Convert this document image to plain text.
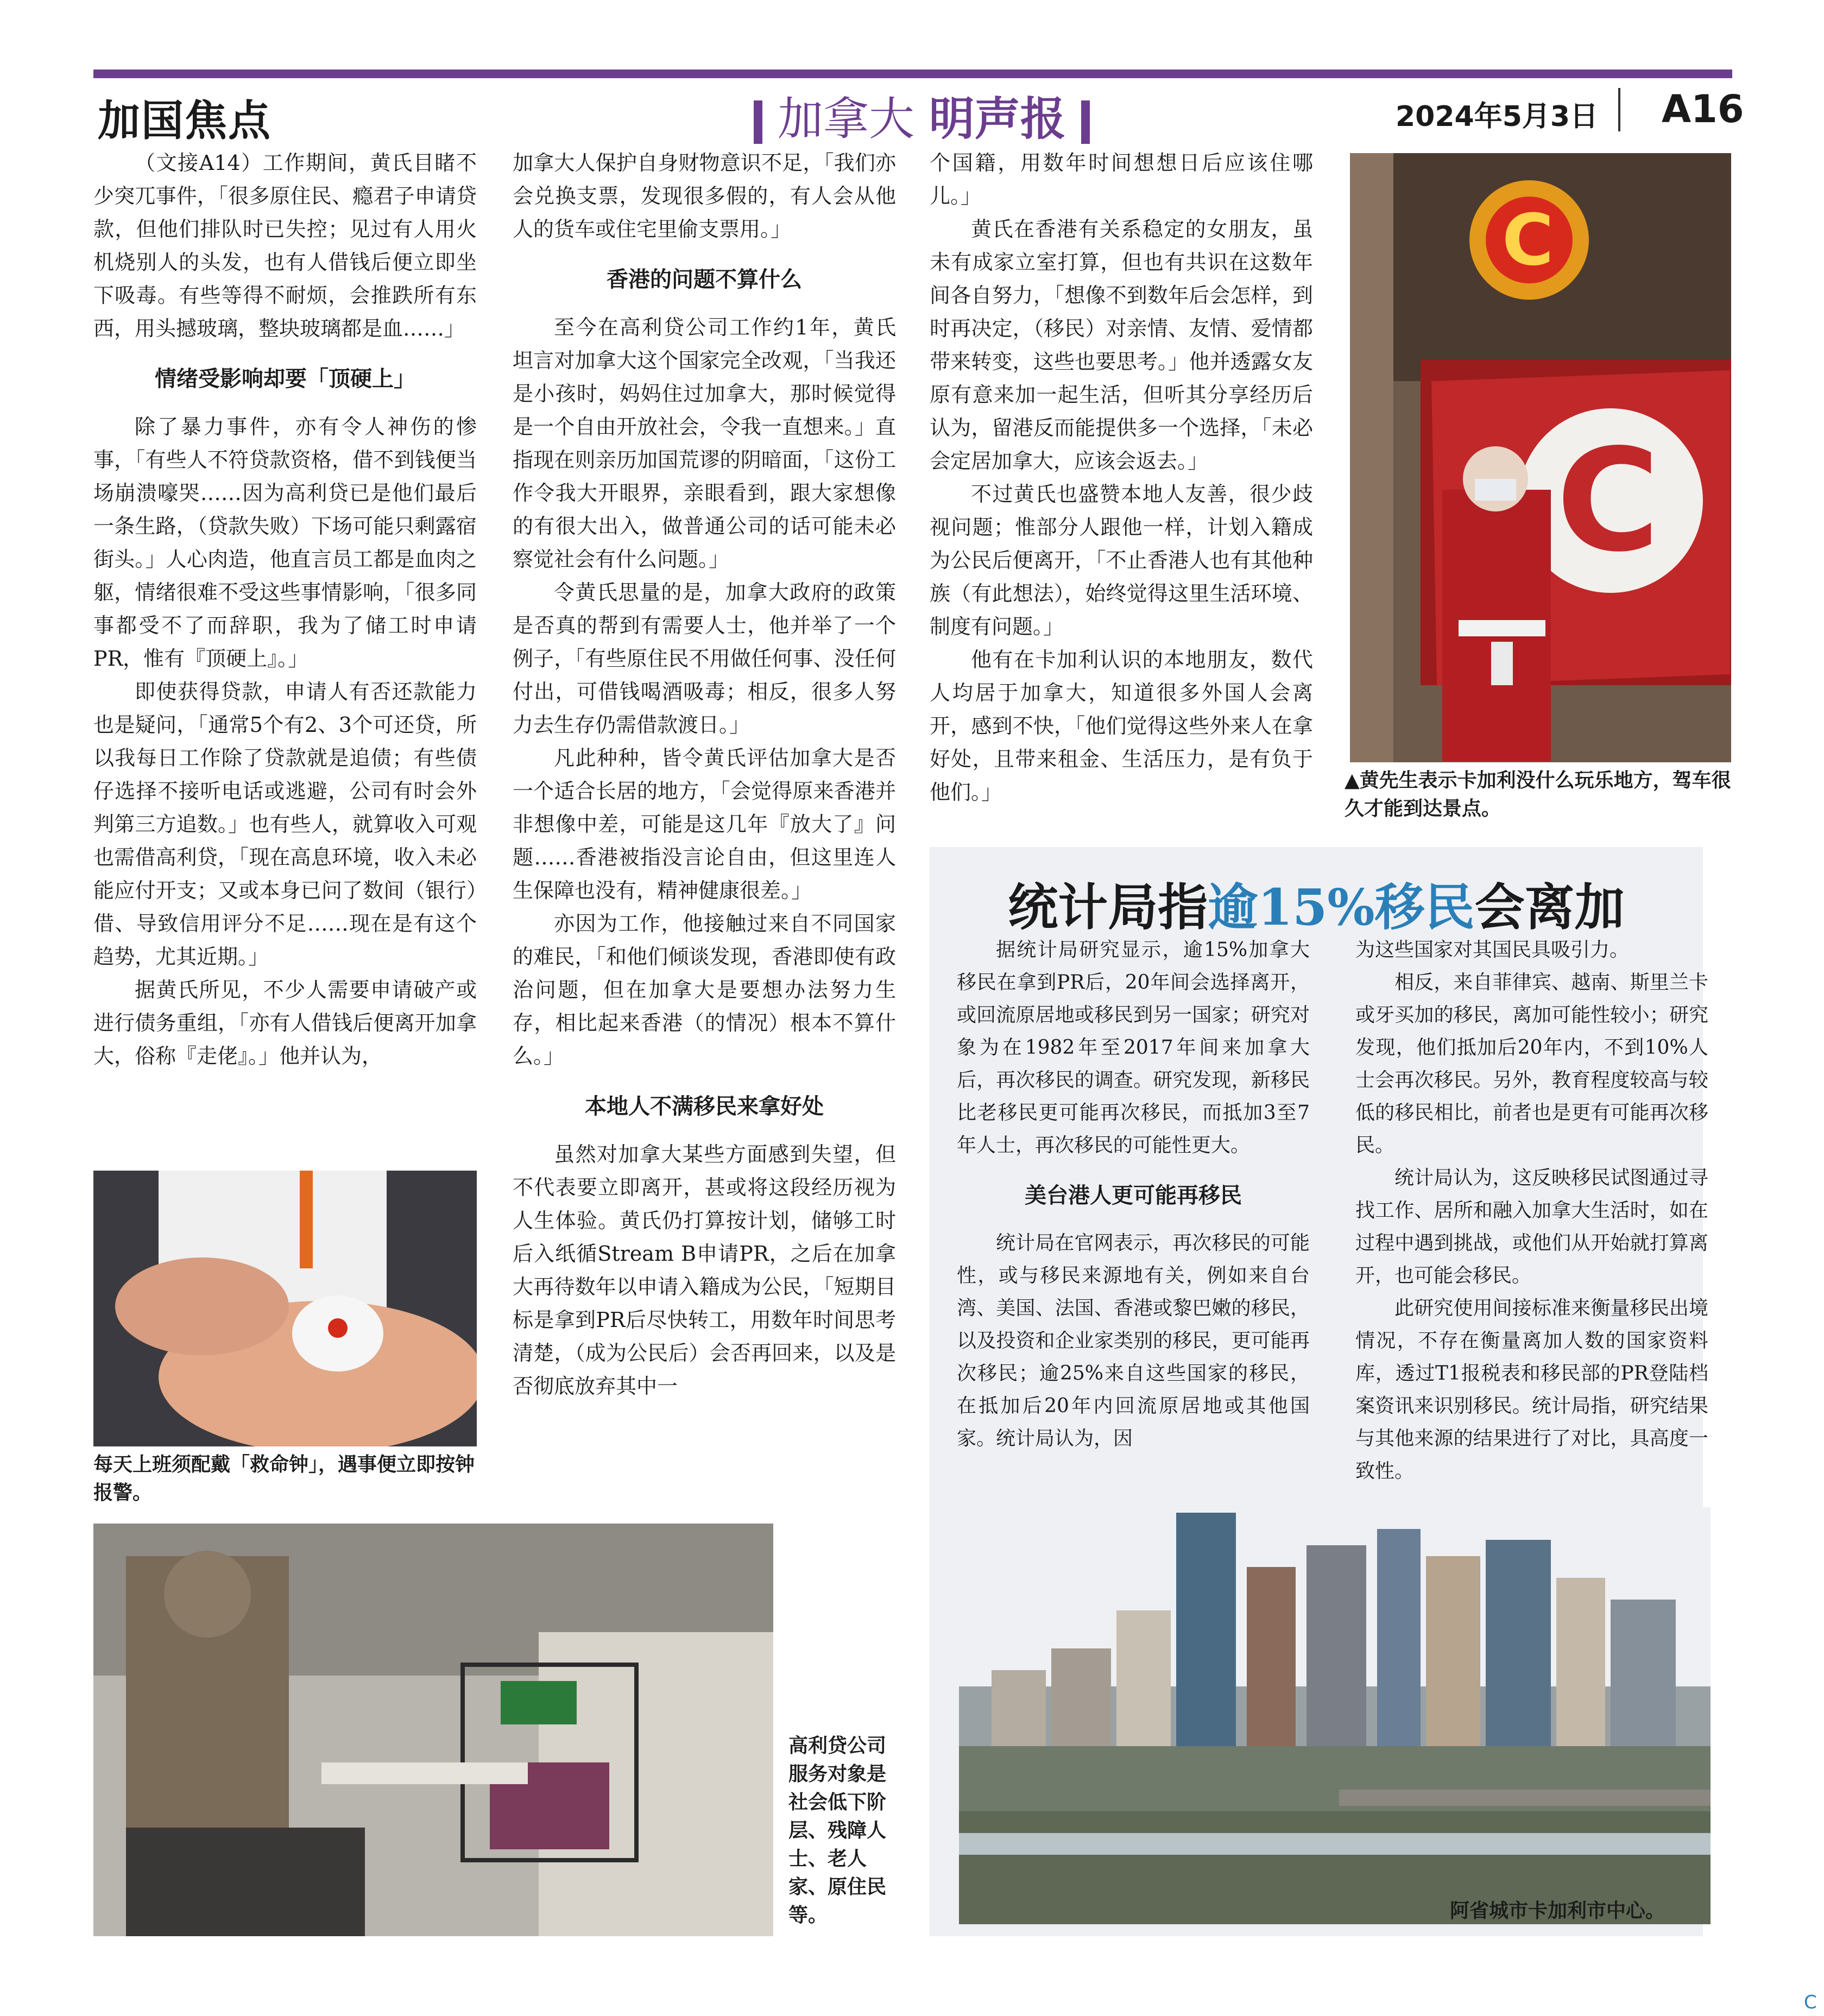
加国焦点	加拿大 明声报	2024年5月3日 A16

（文接A14）工作期间，黄氏目睹不少突兀事件，「很多原住民、瘾君子申请贷款，但他们排队时已失控；见过有人用火机烧别人的头发，也有人借钱后便立即坐下吸毒。有些等得不耐烦，会推跌所有东西，用头撼玻璃，整块玻璃都是血……」

情绪受影响却要「顶硬上」

除了暴力事件，亦有令人神伤的惨事，「有些人不符贷款资格，借不到钱便当场崩溃嚎哭……因为高利贷已是他们最后一条生路，（贷款失败）下场可能只剩露宿街头。」人心肉造，他直言员工都是血肉之躯，情绪很难不受这些事情影响，「很多同事都受不了而辞职，我为了储工时申请PR，惟有『顶硬上』。」

即使获得贷款，申请人有否还款能力也是疑问，「通常5个有2、3个可还贷，所以我每日工作除了贷款就是追债；有些债仔选择不接听电话或逃避，公司有时会外判第三方追数。」也有些人，就算收入可观也需借高利贷，「现在高息环境，收入未必能应付开支；又或本身已问了数间（银行）借、导致信用评分不足……现在是有这个趋势，尤其近期。」

据黄氏所见，不少人需要申请破产或进行债务重组，「亦有人借钱后便离开加拿大，俗称『走佬』。」他并认为，

加拿大人保护自身财物意识不足，「我们亦会兑换支票，发现很多假的，有人会从他人的货车或住宅里偷支票用。」

香港的问题不算什么

至今在高利贷公司工作约1年，黄氏坦言对加拿大这个国家完全改观，「当我还是小孩时，妈妈住过加拿大，那时候觉得是一个自由开放社会，令我一直想来。」直指现在则亲历加国荒谬的阴暗面，「这份工作令我大开眼界，亲眼看到，跟大家想像的有很大出入，做普通公司的话可能未必察觉社会有什么问题。」

令黄氏思量的是，加拿大政府的政策是否真的帮到有需要人士，他并举了一个例子，「有些原住民不用做任何事、没任何付出，可借钱喝酒吸毒；相反，很多人努力去生存仍需借款渡日。」

凡此种种，皆令黄氏评估加拿大是否一个适合长居的地方，「会觉得原来香港并非想像中差，可能是这几年『放大了』问题……香港被指没言论自由，但这里连人生保障也没有，精神健康很差。」

亦因为工作，他接触过来自不同国家的难民，「和他们倾谈发现，香港即使有政治问题，但在加拿大是要想办法努力生存，相比起来香港（的情况）根本不算什么。」

本地人不满移民来拿好处

虽然对加拿大某些方面感到失望，但不代表要立即离开，甚或将这段经历视为人生体验。黄氏仍打算按计划，储够工时后入纸循Stream B申请PR，之后在加拿大再待数年以申请入籍成为公民，「短期目标是拿到PR后尽快转工，用数年时间思考清楚，（成为公民后）会否再回来，以及是否彻底放弃其中一

个国籍，用数年时间想想日后应该住哪儿。」

黄氏在香港有关系稳定的女朋友，虽未有成家立室打算，但也有共识在这数年间各自努力，「想像不到数年后会怎样，到时再决定，（移民）对亲情、友情、爱情都带来转变，这些也要思考。」他并透露女友原有意来加一起生活，但听其分享经历后认为，留港反而能提供多一个选择，「未必会定居加拿大，应该会返去。」

不过黄氏也盛赞本地人友善，很少歧视问题；惟部分人跟他一样，计划入籍成为公民后便离开，「不止香港人也有其他种族（有此想法），始终觉得这里生活环境、制度有问题。」

他有在卡加利认识的本地朋友，数代人均居于加拿大，知道很多外国人会离开，感到不快，「他们觉得这些外来人在拿好处，且带来租金、生活压力，是有负于他们。」

C
C
▲黄先生表示卡加利没什么玩乐地方，驾车很久才能到达景点。
每天上班须配戴「救命钟」，遇事便立即按钟报警。
高利贷公司服务对象是社会低下阶层、残障人士、老人家、原住民等。
统计局指逾15%移民会离加

据统计局研究显示，逾15%加拿大移民在拿到PR后，20年间会选择离开，或回流原居地或移民到另一国家；研究对象为在1982年至2017年间来加拿大后，再次移民的调查。研究发现，新移民比老移民更可能再次移民，而抵加3至7年人士，再次移民的可能性更大。

美台港人更可能再移民

统计局在官网表示，再次移民的可能性，或与移民来源地有关，例如来自台湾、美国、法国、香港或黎巴嫩的移民，以及投资和企业家类别的移民，更可能再次移民；逾25%来自这些国家的移民，在抵加后20年内回流原居地或其他国家。统计局认为，因

为这些国家对其国民具吸引力。

相反，来自菲律宾、越南、斯里兰卡或牙买加的移民，离加可能性较小；研究发现，他们抵加后20年内，不到10%人士会再次移民。另外，教育程度较高与较低的移民相比，前者也是更有可能再次移民。

统计局认为，这反映移民试图通过寻找工作、居所和融入加拿大生活时，如在过程中遇到挑战，或他们从开始就打算离开，也可能会移民。

此研究使用间接标准来衡量移民出境情况，不存在衡量离加人数的国家资料库，透过T1报税表和移民部的PR登陆档案资讯来识别移民。统计局指，研究结果与其他来源的结果进行了对比，具高度一致性。

阿省城市卡加利市中心。
C
